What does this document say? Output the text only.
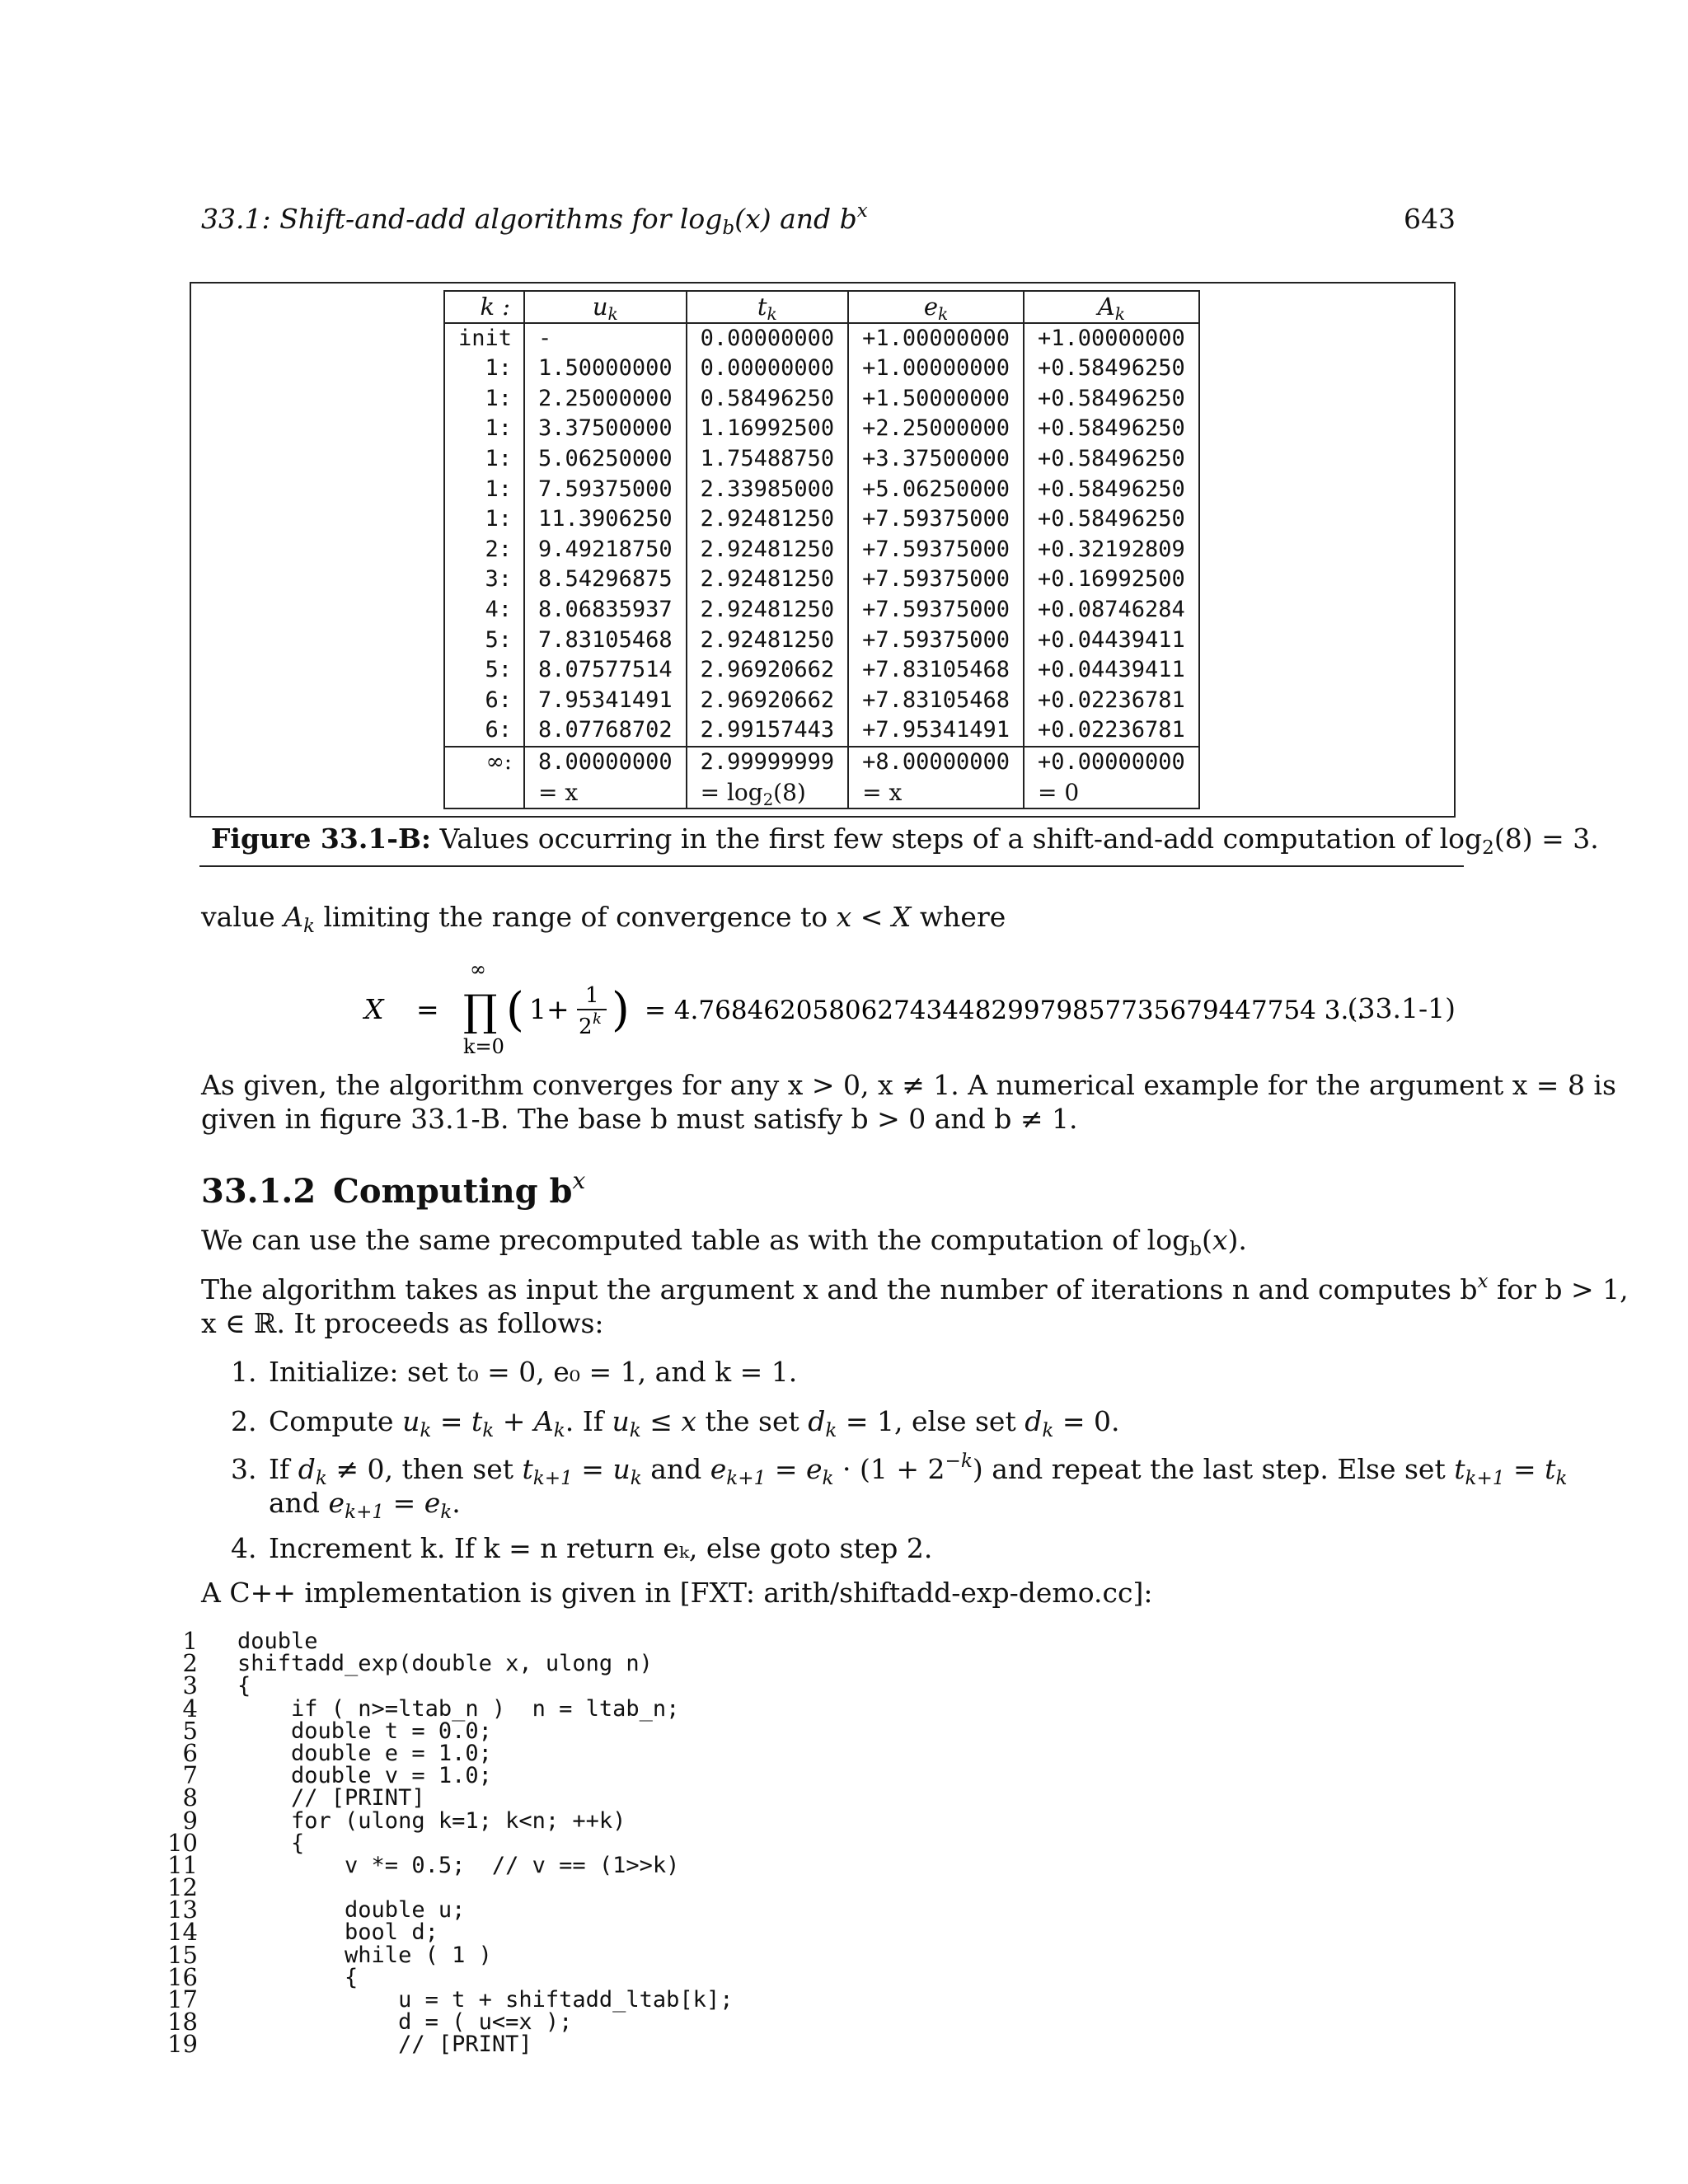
33.1: Shift-and-add algorithms for $\log_b(x)$ and $b^x$	643
k :	$u_k$	$t_k$	$e_k$	$A_k$
init	-	0.00000000	+1.00000000	+1.00000000
1:	1.50000000	0.00000000	+1.00000000	+0.58496250
1:	2.25000000	0.58496250	+1.50000000	+0.58496250
1:	3.37500000	1.16992500	+2.25000000	+0.58496250
1:	5.06250000	1.75488750	+3.37500000	+0.58496250
1:	7.59375000	2.33985000	+5.06250000	+0.58496250
1:	11.3906250	2.92481250	+7.59375000	+0.58496250
2:	9.49218750	2.92481250	+7.59375000	+0.32192809
3:	8.54296875	2.92481250	+7.59375000	+0.16992500
4:	8.06835937	2.92481250	+7.59375000	+0.08746284
5:	7.83105468	2.92481250	+7.59375000	+0.04439411
5:	8.07577514	2.96920662	+7.83105468	+0.04439411
6:	7.95341491	2.96920662	+7.83105468	+0.02236781
6:	8.07768702	2.99157443	+7.95341491	+0.02236781
∞:	8.00000000	2.99999999	+8.00000000	+0.00000000
	= x	= $\log_2(8)$	= x	= 0
Figure 33.1-B: Values occurring in the first few steps of a shift-and-add computation of $\log_2(8) = 3$.
value $A_k$ limiting the range of convergence to x < X where
X =
∞
∏
k=0
( 1+ 1
2 k ) = 4.76846205806274344829979857735679447754 3...
(33.1-1)
As given, the algorithm converges for any x > 0, x ≠ 1. A numerical example for the argument x = 8 is
given in figure 33.1-B. The base b must satisfy b > 0 and b ≠ 1.
33.1.2 Computing $b^x$
We can use the same precomputed table as with the computation of $\log_b(x)$.
The algorithm takes as input the argument x and the number of iterations n and computes $b^x$ for b > 1,
x ∈ ℝ. It proceeds as follows:
1. Initialize: set t₀ = 0, e₀ = 1, and k = 1.
2. Compute $u_k = t_k + A_k$. If $u_k \le x$ the set $d_k = 1$, else set $d_k = 0$.
3. If $d_k \ne 0$, then set $t_{k+1} = u_k$ and $e_{k+1} = e_k \cdot (1 + 2^{-k})$ and repeat the last step. Else set $t_{k+1} = t_k$
and $e_{k+1} = e_k$.
4. Increment k. If k = n return eₖ, else goto step 2.
A C++ implementation is given in [FXT: arith/shiftadd-exp-demo.cc]:
1 double
2 shiftadd_exp(double x, ulong n)
3 {
4 if ( n>=ltab_n )  n = ltab_n;
5 double t = 0.0;
6 double e = 1.0;
7 double v = 1.0;
8 // [PRINT]
9 for (ulong k=1; k<n; ++k)
10 {
11 v *= 0.5;  // v == (1>>k)
12
13 double u;
14 bool d;
15 while ( 1 )
16 {
17 u = t + shiftadd_ltab[k];
18 d = ( u<=x );
19 // [PRINT]
